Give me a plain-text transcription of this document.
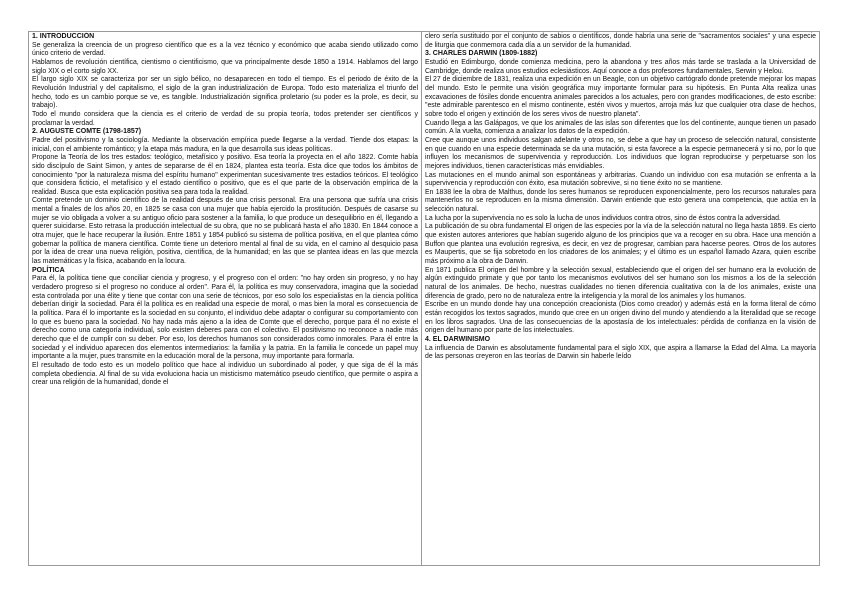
1. INTRODUCCIÓN

Se generaliza la creencia de un progreso científico que es a la vez técnico y económico que acaba siendo utilizado como único criterio de verdad.

Hablamos de revolución científica, cientismo o cientificismo, que va principalmente desde 1850 a 1914. Hablamos del largo siglo XIX o el corto siglo XX.

El largo siglo XIX se caracteriza por ser un siglo bélico, no desaparecen en todo el tiempo. Es el periodo de éxito de la Revolución Industrial y del capitalismo, el siglo de la gran industrialización de Europa. Todo esto materializa el triunfo del hecho, todo es un cambio porque se ve, es tangible. Industrialización significa proletario (su poder es la prole, es decir, su trabajo).

Todo el mundo considera que la ciencia es el criterio de verdad de su propia teoría, todos pretender ser científicos y proclamar la verdad.

2. AUGUSTE COMTE (1798-1857)

Padre del positivismo y la sociología. Mediante la observación empírica puede llegarse a la verdad. Tiende dos etapas: la inicial, con el ambiente romántico; y la etapa más madura, en la que desarrolla sus ideas políticas.

Propone la Teoría de los tres estados: teológico, metafísico y positivo. Esa teoría la proyecta en el año 1822. Comte había sido discípulo de Saint Simon, y antes de separarse de él en 1824, plantea esta teoría. Esta dice que todos los ámbitos de conocimiento "por la naturaleza misma del espíritu humano" experimentan sucesivamente tres estadios teóricos. El teológico que considera ficticio, el metafísico y el estado científico o positivo, que es el que parte de la observación empírica de la realidad. Busca que esta explicación positiva sea para toda la realidad.

Comte pretende un dominio científico de la realidad después de una crisis personal. Era una persona que sufría una crisis mental a finales de los años 20, en 1825 se casa con una mujer que había ejercido la prostitución. Después de casarse su mujer se vio obligada a volver a su antiguo oficio para sostener a la familia, lo que produce un desequilibrio en él, llegando a querer suicidarse. Esto retrasa la producción intelectual de su obra, que no se publicará hasta el año 1830. En 1844 conoce a otra mujer, que le hace recuperar la ilusión. Entre 1851 y 1854 publicó su sistema de política positiva, en el que plantea cómo gobernar la política de manera científica. Comte tiene un deterioro mental al final de su vida, en el camino al desquicio pasa por la idea de crear una nueva religión, positiva, científica, de la humanidad; en las que se plantea ideas en las que mezcla las matemáticas y la física, acabando en la locura.

POLÍTICA

Para él, la política tiene que conciliar ciencia y progreso, y el progreso con el orden: "no hay orden sin progreso, y no hay verdadero progreso si el progreso no conduce al orden". Para él, la política es muy conservadora, imagina que la sociedad esta controlada por una élite y tiene que contar con una serie de técnicos, por eso solo los especialistas en la ciencia política deberían dirigir la sociedad. Para él la política es en realidad una especie de moral, o mas bien la moral es consecuencia de la política. Para él lo importante es la sociedad en su conjunto, el individuo debe adaptar o configurar su comportamiento con lo que es bueno para la sociedad. No hay nada más ajeno a la idea de Comte que el derecho, porque para él no existe el derecho como una categoría individual, solo existen deberes para con el colectivo. El positivismo no reconoce a nadie más derecho que el de cumplir con su deber. Por eso, los derechos humanos son considerados como inmorales. Para él entre la sociedad y el individuo aparecen dos elementos intermediarios: la familia y la patria. En la familia le concede un papel muy importante a la mujer, pues transmite en la educación moral de la persona, muy importante para formarla.

El resultado de todo esto es un modelo político que hace al individuo un subordinado al poder, y que siga de él la más completa obediencia. Al final de su vida evoluciona hacia un misticismo matemático pseudo científico, que permite o aspira a crear una religión de la humanidad, donde el

clero sería sustituido por el conjunto de sabios o científicos, donde habría una serie de "sacramentos sociales" y una especie de liturgia que conmemora cada día a un servidor de la humanidad.

3. CHARLES DARWIN (1809-1882)

Estudió en Edimburgo, donde comienza medicina, pero la abandona y tres años más tarde se traslada a la Universidad de Cambridge, donde realiza unos estudios eclesiásticos. Aquí conoce a dos profesores fundamentales, Serwin y Helou.

El 27 de diciembre de 1831, realiza una expedición en un Beagle, con un objetivo cartógrafo donde pretende mejorar los mapas del mundo. Esto le permite una visión geográfica muy importante formular para su hipótesis. En Punta Alta realiza unas excavaciones de fósiles donde encuentra animales parecidos a los actuales, pero con grandes modificaciones, de esto escribe: "este admirable parentesco en el mismo continente, estén vivos y muertos, arroja más luz que cualquier otra clase de hechos, sobre todo el origen y extinción de los seres vivos de nuestro planeta".

Cuando llega a las Galápagos, ve que los animales de las islas son diferentes que los del continente, aunque tienen un pasado común. A la vuelta, comienza a analizar los datos de la expedición.

Cree que aunque unos individuos salgan adelante y otros no, se debe a que hay un proceso de selección natural, consistente en que cuando en una especie determinada se da una mutación, si esta favorece a la especie permanecerá y si no, por lo que influyen los mecanismos de supervivencia y reproducción. Los individuos que logran reproducirse y perpetuarse son los mejores individuos, tienen características más envidiables.

Las mutaciones en el mundo animal son espontáneas y arbitrarias. Cuando un individuo con esa mutación se enfrenta a la supervivencia y reproducción con éxito, esa mutación sobrevive, si no tiene éxito no se mantiene.

En 1838 lee la obra de Malthus, donde los seres humanos se reproducen exponencialmente, pero los recursos naturales para mantenerlos no se reproducen en la misma dimensión. Darwin entiende que esto genera una competencia, que actúa en la selección natural.

La lucha por la supervivencia no es solo la lucha de unos individuos contra otros, sino de éstos contra la adversidad.

La publicación de su obra fundamental El origen de las especies por la vía de la selección natural no llega hasta 1859. Es cierto que existen autores anteriores que habían sugerido alguno de los principios que va a recoger en su obra. Hace una mención a Buffon que plantea una evolución regresiva, es decir, en vez de progresar, cambian para hacerse peores. Otros de los autores es Maupertis, que se fija sobretodo en los criadores de los animales; y el último es un español llamado Azara, quien escribe más próximo a la obra de Darwin.

En 1871 publica El origen del hombre y la selección sexual, estableciendo que el origen del ser humano era la evolución de algún extinguido primate y que por tanto los mecanismos evolutivos del ser humano son los mismos a los de la selección natural de los animales. De hecho, nuestras cualidades no tienen diferencia cualitativa con la de los animales, existe una diferencia de grado, pero no de naturaleza entre la inteligencia y la moral de los animales y los humanos.

Escribe en un mundo donde hay una concepción creacionista (Dios como creador) y además está en la forma literal de cómo están recogidos los textos sagrados, mundo que cree en un origen divino del mundo y atendiendo a la literalidad que se recoge en los libros sagrados. Una de las consecuencias de la apostasía de los intelectuales: pérdida de confianza en la visión de origen del humano por parte de los intelectuales.

4. EL DARWINISMO

La influencia de Darwin es absolutamente fundamental para el siglo XIX, que aspira a llamarse la Edad del Alma. La mayoría de las personas creyeron en las teorías de Darwin sin haberle leído
